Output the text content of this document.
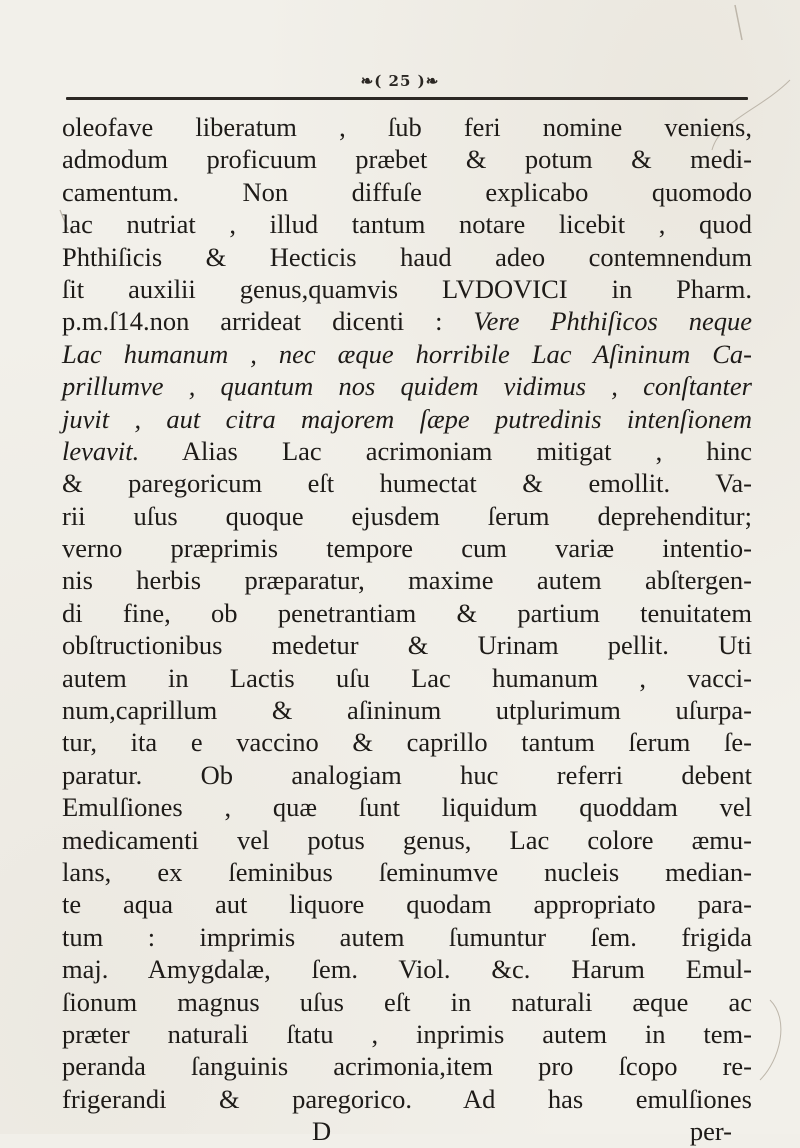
❧( 25 )❧
oleofave liberatum , ſub feri nomine veniens,
admodum proficuum præbet & potum & medi-
camentum. Non diffuſe explicabo quomodo
lac nutriat , illud tantum notare licebit , quod
Phthiſicis & Hecticis haud adeo contemnendum
ſit auxilii genus,quamvis LVDOVICI in Pharm.
p.m.ſ14.non arrideat dicenti : Vere Phthiſicos neque
Lac humanum , nec æque horribile Lac Aſininum Ca-
prillumve , quantum nos quidem vidimus , conſtanter
juvit , aut citra majorem ſæpe putredinis intenſionem
levavit. Alias Lac acrimoniam mitigat , hinc
& paregoricum eſt humectat & emollit. Va-
rii uſus quoque ejusdem ſerum deprehenditur;
verno præprimis tempore cum variæ intentio-
nis herbis præparatur, maxime autem abſtergen-
di fine, ob penetrantiam & partium tenuitatem
obſtructionibus medetur & Urinam pellit. Uti
autem in Lactis uſu Lac humanum , vacci-
num,caprillum & aſininum utplurimum uſurpa-
tur, ita e vaccino & caprillo tantum ſerum ſe-
paratur. Ob analogiam huc referri debent
Emulſiones , quæ ſunt liquidum quoddam vel
medicamenti vel potus genus, Lac colore æmu-
lans, ex ſeminibus ſeminumve nucleis median-
te aqua aut liquore quodam appropriato para-
tum : imprimis autem ſumuntur ſem. frigida
maj. Amygdalæ, ſem. Viol. &c. Harum Emul-
ſionum magnus uſus eſt in naturali æque ac
præter naturali ſtatu , inprimis autem in tem-
peranda ſanguinis acrimonia,item pro ſcopo re-
frigerandi & paregorico. Ad has emulſiones
D	per-
